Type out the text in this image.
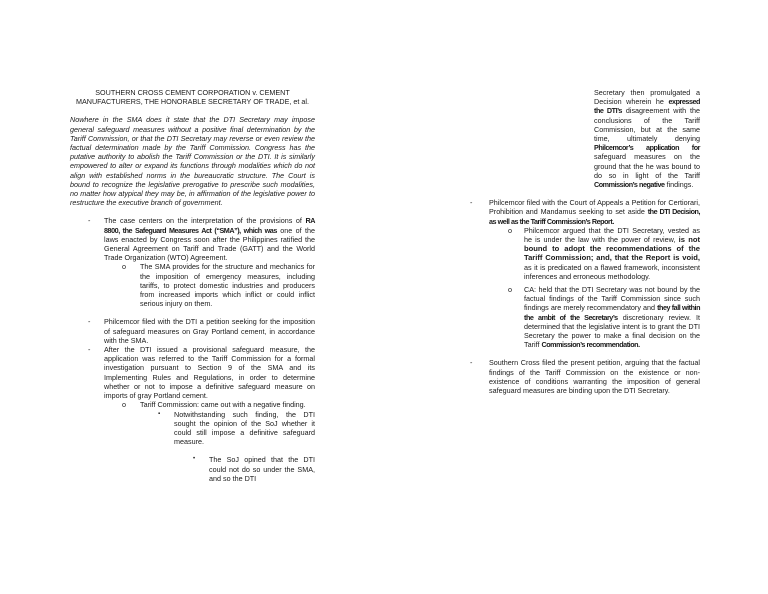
SOUTHERN CROSS CEMENT CORPORATION v. CEMENT MANUFACTURERS, THE HONORABLE SECRETARY OF TRADE, et al.
Nowhere in the SMA does it state that the DTI Secretary may impose general safeguard measures without a positive final determination by the Tariff Commission, or that the DTI Secretary may reverse or even review the factual determination made by the Tariff Commission. Congress has the putative authority to abolish the Tariff Commission or the DTI. It is similarly empowered to alter or expand its functions through modalities which do not align with established norms in the bureaucratic structure. The Court is bound to recognize the legislative prerogative to prescribe such modalities, no matter how atypical they may be, in affirmation of the legislative power to restructure the executive branch of government.
- The case centers on the interpretation of the provisions of RA 8800, the Safeguard Measures Act (“SMA”), which was one of the laws enacted by Congress soon after the Philippines ratified the General Agreement on Tariff and Trade (GATT) and the World Trade Organization (WTO) Agreement.
o The SMA provides for the structure and mechanics for the imposition of emergency measures, including tariffs, to protect domestic industries and producers from increased imports which inflict or could inflict serious injury on them.
- Philcemcor filed with the DTI a petition seeking for the imposition of safeguard measures on Gray Portland cement, in accordance with the SMA.
- After the DTI issued a provisional safeguard measure, the application was referred to the Tariff Commission for a formal investigation pursuant to Section 9 of the SMA and its Implementing Rules and Regulations, in order to determine whether or not to impose a definitive safeguard measure on imports of gray Portland cement.
o Tariff Commission: came out with a negative finding.
▪ Notwithstanding such finding, the DTI sought the opinion of the SoJ whether it could still impose a definitive safeguard measure.
• The SoJ opined that the DTI could not do so under the SMA, and so the DTI
Secretary then promulgated a Decision wherein he expressed the DTI’s disagreement with the conclusions of the Tariff Commission, but at the same time, ultimately denying Philcemcor’s application for safeguard measures on the ground that the he was bound to do so in light of the Tariff Commission’s negative findings.
- Philcemcor filed with the Court of Appeals a Petition for Certiorari, Prohibition and Mandamus seeking to set aside the DTI Decision, as well as the Tariff Commission’s Report.
o Philcemcor argued that the DTI Secretary, vested as he is under the law with the power of review, is not bound to adopt the recommendations of the Tariff Commission; and, that the Report is void, as it is predicated on a flawed framework, inconsistent inferences and erroneous methodology.
o CA: held that the DTI Secretary was not bound by the factual findings of the Tariff Commission since such findings are merely recommendatory and they fall within the ambit of the Secretary’s discretionary review. It determined that the legislative intent is to grant the DTI Secretary the power to make a final decision on the Tariff Commission’s recommendation.
- Southern Cross filed the present petition, arguing that the factual findings of the Tariff Commission on the existence or non-existence of conditions warranting the imposition of general safeguard measures are binding upon the DTI Secretary.
